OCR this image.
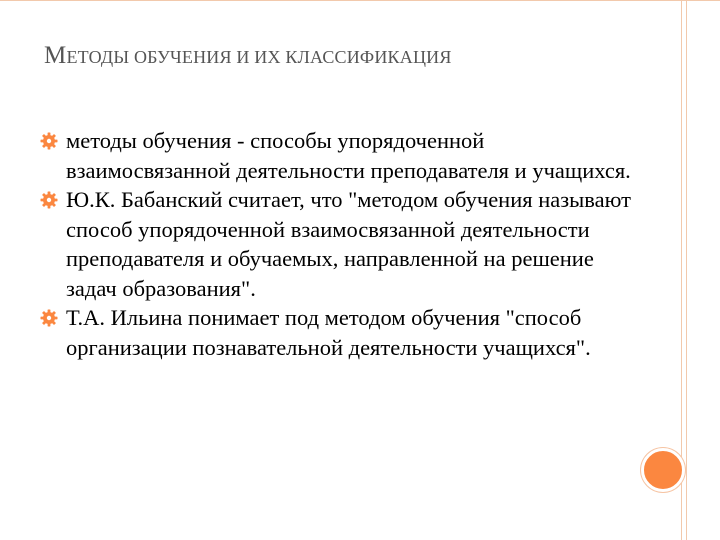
МЕТОДЫ ОБУЧЕНИЯ И ИХ КЛАССИФИКАЦИЯ
методы обучения - способы упорядоченной взаимосвязанной деятельности преподавателя и учащихся.
Ю.К. Бабанский считает, что "методом обучения называют способ упорядоченной взаимосвязанной деятельности преподавателя и обучаемых, направленной на решение задач образования".
Т.А. Ильина понимает под методом обучения "способ организации познавательной деятельности учащихся".
